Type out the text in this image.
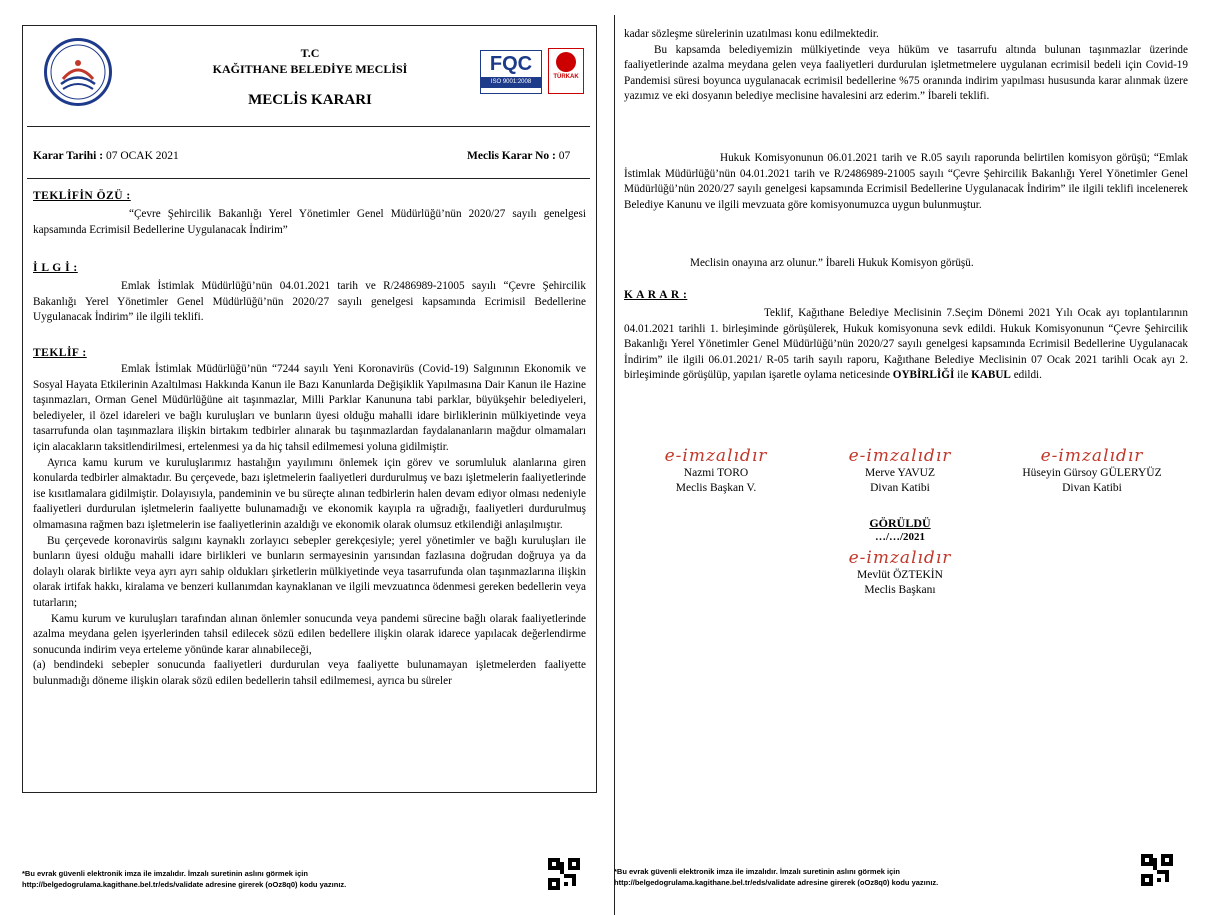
T.C
KAĞITHANE BELEDİYE MECLİSİ
MECLİS KARARI
FQC
ISO 9001:2008
TÜRKAK
Karar Tarihi : 07 OCAK 2021	Meclis Karar No : 07
TEKLİFİN ÖZÜ :
“Çevre Şehircilik Bakanlığı Yerel Yönetimler Genel Müdürlüğü’nün 2020/27 sayılı genelgesi kapsamında Ecrimisil Bedellerine Uygulanacak İndirim”
İ L G İ :
Emlak İstimlak Müdürlüğü’nün 04.01.2021 tarih ve R/2486989-21005 sayılı “Çevre Şehircilik Bakanlığı Yerel Yönetimler Genel Müdürlüğü’nün 2020/27 sayılı genelgesi kapsamında Ecrimisil Bedellerine Uygulanacak İndirim” ile ilgili teklifi.
TEKLİF :

Emlak İstimlak Müdürlüğü’nün “7244 sayılı Yeni Koronavirüs (Covid-19) Salgınının Ekonomik ve Sosyal Hayata Etkilerinin Azaltılması Hakkında Kanun ile Bazı Kanunlarda Değişiklik Yapılmasına Dair Kanun ile Hazine taşınmazları, Orman Genel Müdürlüğüne ait taşınmazlar, Milli Parklar Kanununa tabi parklar, büyükşehir belediyeleri, belediyeler, il özel idareleri ve bağlı kuruluşları ve bunların üyesi olduğu mahalli idare birliklerinin mülkiyetinde veya tasarrufunda olan taşınmazlara ilişkin birtakım tedbirler alınarak bu taşınmazlardan faydalananların mağdur olmamaları için alacakların taksitlendirilmesi, ertelenmesi ya da hiç tahsil edilmemesi yoluna gidilmiştir.

Ayrıca kamu kurum ve kuruluşlarımız hastalığın yayılımını önlemek için görev ve sorumluluk alanlarına giren konularda tedbirler almaktadır. Bu çerçevede, bazı işletmelerin faaliyetleri durdurulmuş ve bazı işletmelerin faaliyetlerinde ise kısıtlamalara gidilmiştir. Dolayısıyla, pandeminin ve bu süreçte alınan tedbirlerin halen devam ediyor olması nedeniyle faaliyetleri durdurulan işletmelerin faaliyette bulunamadığı ve ekonomik kayıpla ra uğradığı, faaliyetleri durdurulmuş olmamasına rağmen bazı işletmelerin ise faaliyetlerinin azaldığı ve ekonomik olarak olumsuz etkilendiği anlaşılmıştır.

Bu çerçevede koronavirüs salgını kaynaklı zorlayıcı sebepler gerekçesiyle; yerel yönetimler ve bağlı kuruluşları ile bunların üyesi olduğu mahalli idare birlikleri ve bunların sermayesinin yarısından fazlasına doğrudan doğruya ya da dolaylı olarak birlikte veya ayrı ayrı sahip oldukları şirketlerin mülkiyetinde veya tasarrufunda olan taşınmazlarına ilişkin olarak irtifak hakkı, kiralama ve benzeri kullanımdan kaynaklanan ve ilgili mevzuatınca ödenmesi gereken bedellerin veya tutarların;

Kamu kurum ve kuruluşları tarafından alınan önlemler sonucunda veya pandemi sürecine bağlı olarak faaliyetlerinde azalma meydana gelen işyerlerinden tahsil edilecek sözü edilen bedellere ilişkin olarak idarece yapılacak değerlendirme sonucunda indirim veya erteleme yönünde karar alınabileceği,

(a) bendindeki sebepler sonucunda faaliyetleri durdurulan veya faaliyette bulunamayan işletmelerden faaliyette bulunmadığı döneme ilişkin olarak sözü edilen bedellerin tahsil edilmemesi, ayrıca bu süreler

*Bu evrak güvenli elektronik imza ile imzalıdır. İmzalı suretinin aslını görmek için
http://belgedogrulama.kagithane.bel.tr/eds/validate adresine girerek (oOz8q0) kodu yazınız.

kadar sözleşme sürelerinin uzatılması konu edilmektedir.

Bu kapsamda belediyemizin mülkiyetinde veya hüküm ve tasarrufu altında bulunan taşınmazlar üzerinde faaliyetlerinde azalma meydana gelen veya faaliyetleri durdurulan işletmetmelere uygulanan ecrimisil bedeli için Covid-19 Pandemisi süresi boyunca uygulanacak ecrimisil bedellerine %75 oranında indirim yapılması hususunda karar alınmak üzere yazımız ve eki dosyanın belediye meclisine havalesini arz ederim.” İbareli teklifi.

Hukuk Komisyonunun 06.01.2021 tarih ve R.05 sayılı raporunda belirtilen komisyon görüşü; “Emlak İstimlak Müdürlüğü’nün 04.01.2021 tarih ve R/2486989-21005 sayılı “Çevre Şehircilik Bakanlığı Yerel Yönetimler Genel Müdürlüğü’nün 2020/27 sayılı genelgesi kapsamında Ecrimisil Bedellerine Uygulanacak İndirim” ile ilgili teklifi incelenerek Belediye Kanunu ve ilgili mevzuata göre komisyonumuzca uygun bulunmuştur.
Meclisin onayına arz olunur.” İbareli Hukuk Komisyon görüşü.
K A R A R :
Teklif, Kağıthane Belediye Meclisinin 7.Seçim Dönemi 2021 Yılı Ocak ayı toplantılarının 04.01.2021 tarihli 1. birleşiminde görüşülerek, Hukuk komisyonuna sevk edildi. Hukuk Komisyonunun “Çevre Şehircilik Bakanlığı Yerel Yönetimler Genel Müdürlüğü’nün 2020/27 sayılı genelgesi kapsamında Ecrimisil Bedellerine Uygulanacak İndirim” ile ilgili 06.01.2021/ R-05 tarih sayılı raporu, Kağıthane Belediye Meclisinin 07 Ocak 2021 tarihli Ocak ayı 2. birleşiminde görüşülüp, yapılan işaretle oylama neticesinde OYBİRLİĞİ ile KABUL edildi.
e-imzalıdır
Nazmi TORO
Meclis Başkan V.
e-imzalıdır
Merve YAVUZ
Divan Katibi
e-imzalıdır
Hüseyin Gürsoy GÜLERYÜZ
Divan Katibi
GÖRÜLDÜ
…/…/2021
e-imzalıdır
Mevlüt ÖZTEKİN
Meclis Başkanı
*Bu evrak güvenli elektronik imza ile imzalıdır. İmzalı suretinin aslını görmek için
http://belgedogrulama.kagithane.bel.tr/eds/validate adresine girerek (oOz8q0) kodu yazınız.
